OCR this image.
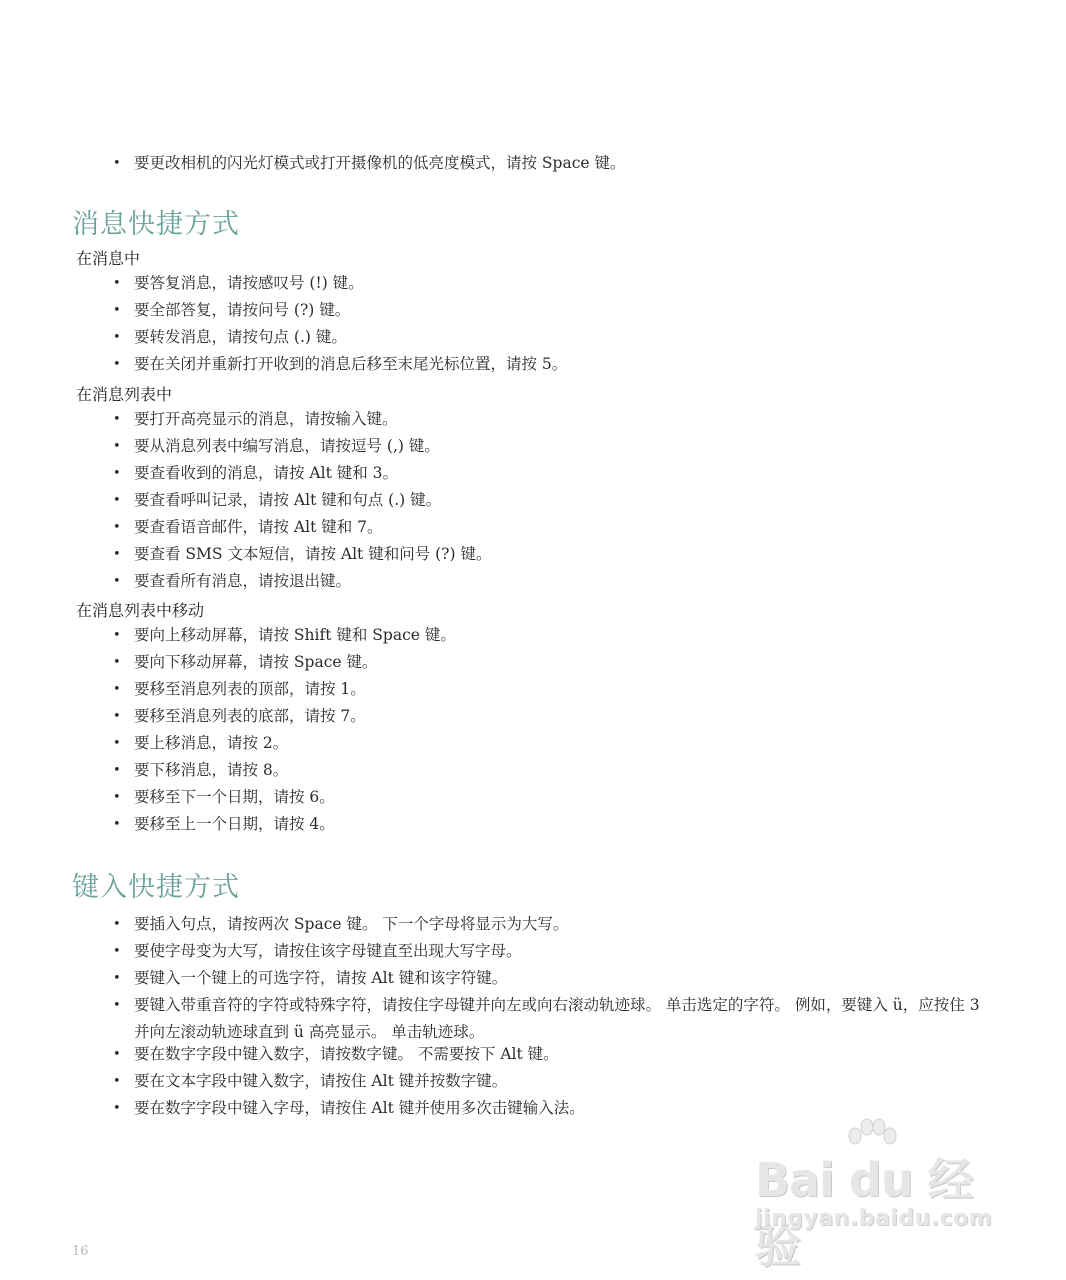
• 要更改相机的闪光灯模式或打开摄像机的低亮度模式，请按 Space 键。
消息快捷方式
在消息中
• 要答复消息，请按感叹号 (!) 键。
• 要全部答复，请按问号 (?) 键。
• 要转发消息，请按句点 (.) 键。
• 要在关闭并重新打开收到的消息后移至末尾光标位置，请按 5。
在消息列表中
• 要打开高亮显示的消息，请按输入键。
• 要从消息列表中编写消息，请按逗号 (,) 键。
• 要查看收到的消息，请按 Alt 键和 3。
• 要查看呼叫记录，请按 Alt 键和句点 (.) 键。
• 要查看语音邮件，请按 Alt 键和 7。
• 要查看 SMS 文本短信，请按 Alt 键和问号 (?) 键。
• 要查看所有消息，请按退出键。
在消息列表中移动
• 要向上移动屏幕，请按 Shift 键和 Space 键。
• 要向下移动屏幕，请按 Space 键。
• 要移至消息列表的顶部，请按 1。
• 要移至消息列表的底部，请按 7。
• 要上移消息，请按 2。
• 要下移消息，请按 8。
• 要移至下一个日期，请按 6。
• 要移至上一个日期，请按 4。
键入快捷方式
• 要插入句点，请按两次 Space 键。 下一个字母将显示为大写。
• 要使字母变为大写，请按住该字母键直至出现大写字母。
• 要键入一个键上的可选字符，请按 Alt 键和该字符键。
• 要键入带重音符的字符或特殊字符，请按住字母键并向左或向右滚动轨迹球。 单击选定的字符。 例如，要键入 ü，应按住 3 并向左滚动轨迹球直到 ü 高亮显示。 单击轨迹球。
• 要在数字字段中键入数字，请按数字键。 不需要按下 Alt 键。
• 要在文本字段中键入数字，请按住 Alt 键并按数字键。
• 要在数字字段中键入字母，请按住 Alt 键并使用多次击键输入法。
Bai du 经验
jingyan.baidu.com
16
